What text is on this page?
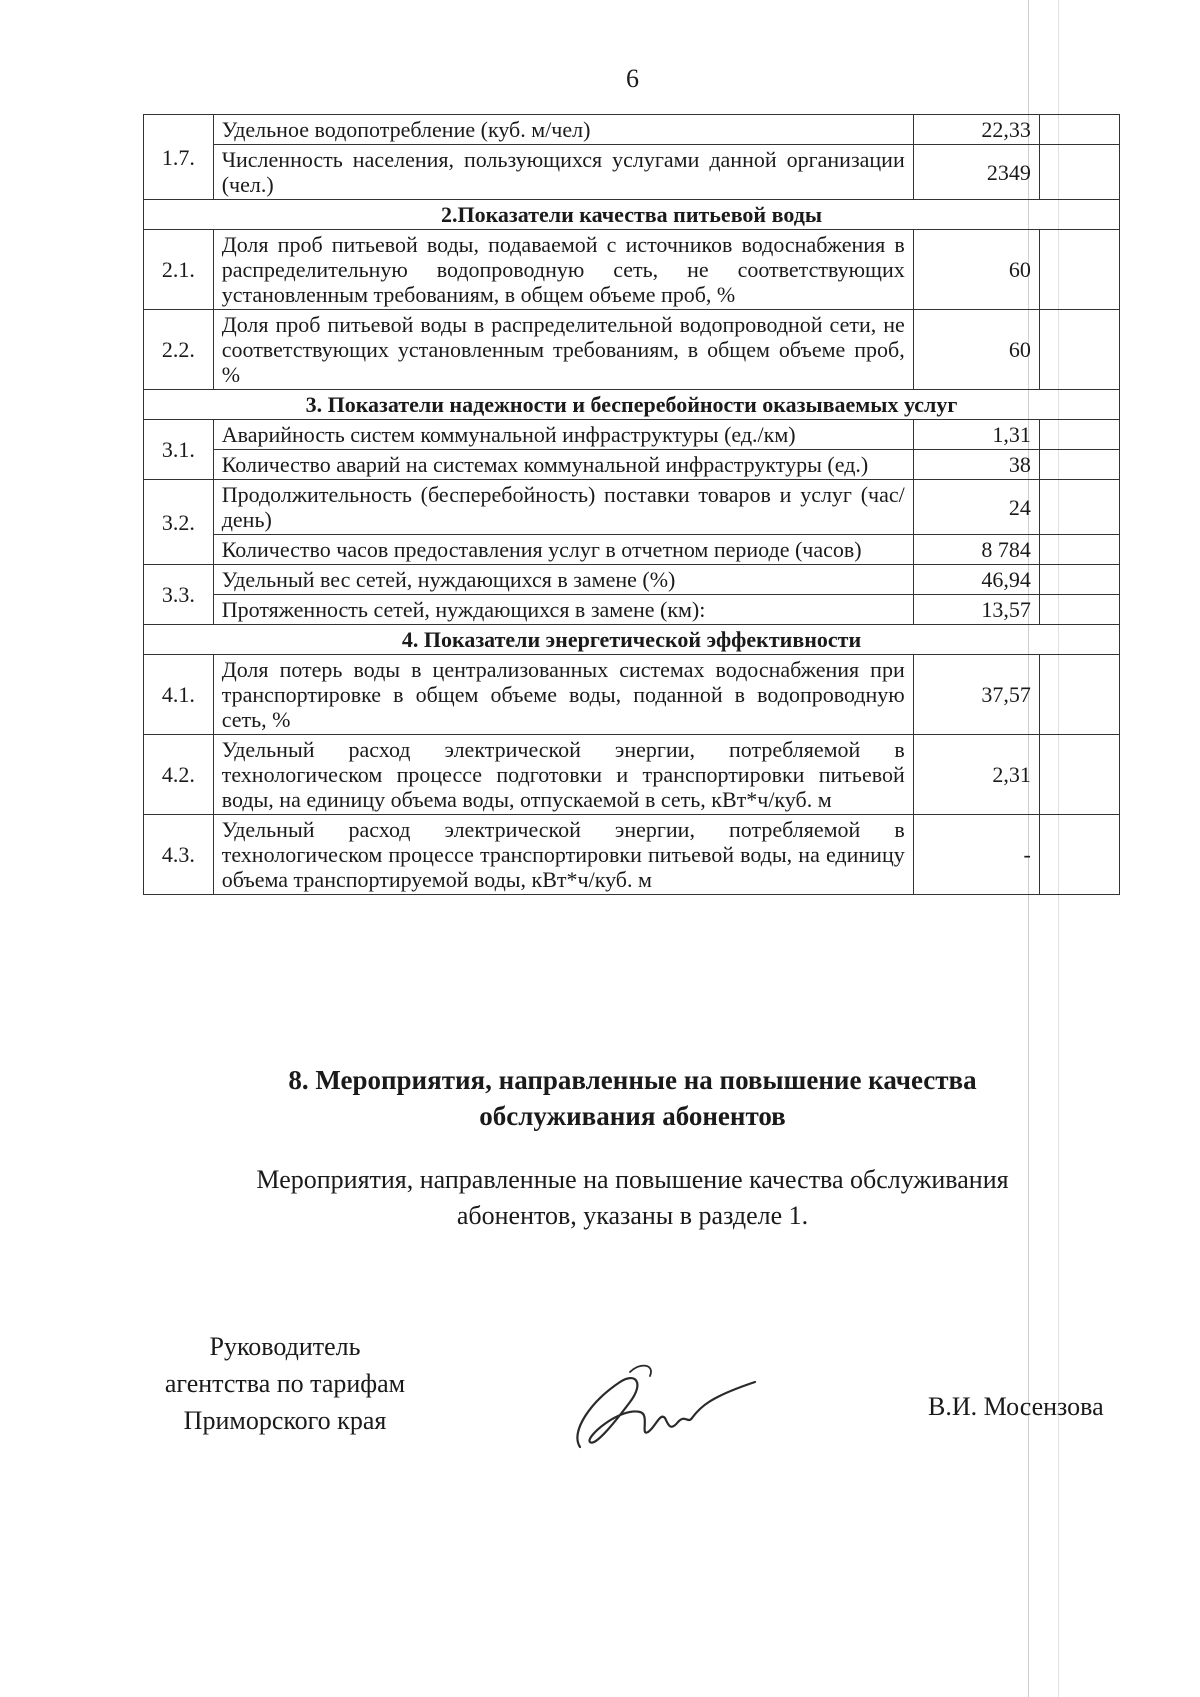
6
1.7.	Удельное водопотребление (куб. м/чел)	22,33	
	Численность населения, пользующихся услугами данной организации (чел.)	2349	
2.Показатели качества питьевой воды			
2.1.	Доля проб питьевой воды, подаваемой с источников водоснабжения в распределительную водопроводную сеть, не соответствующих установленным требованиям, в общем объеме проб, %	60	
2.2.	Доля проб питьевой воды в распределительной водопроводной сети, не соответствующих установленным требованиям, в общем объеме проб, %	60	
3. Показатели надежности и бесперебойности оказываемых услуг			
3.1.	Аварийность систем коммунальной инфраструктуры (ед./км)	1,31	
	Количество аварий на системах коммунальной инфраструктуры (ед.)	38	
3.2.	Продолжительность (бесперебойность) поставки товаров и услуг (час/день)	24	
	Количество часов предоставления услуг в отчетном периоде (часов)	8 784	
3.3.	Удельный вес сетей, нуждающихся в замене (%)	46,94	
	Протяженность сетей, нуждающихся в замене (км):	13,57	
4. Показатели энергетической эффективности			
4.1.	Доля потерь воды в централизованных системах водоснабжения при транспортировке в общем объеме воды, поданной в водопроводную сеть, %	37,57	
4.2.	Удельный расход электрической энергии, потребляемой в технологическом процессе подготовки и транспортировки питьевой воды, на единицу объема воды, отпускаемой в сеть, кВт*ч/куб. м	2,31	
4.3.	Удельный расход электрической энергии, потребляемой в технологическом процессе транспортировки питьевой воды, на единицу объема транспортируемой воды, кВт*ч/куб. м	-	
8. Мероприятия, направленные на повышение качества
обслуживания абонентов
Мероприятия, направленные на повышение качества обслуживания
абонентов, указаны в разделе 1.
Руководитель
агентства по тарифам
Приморского края	В.И. Мосензова
